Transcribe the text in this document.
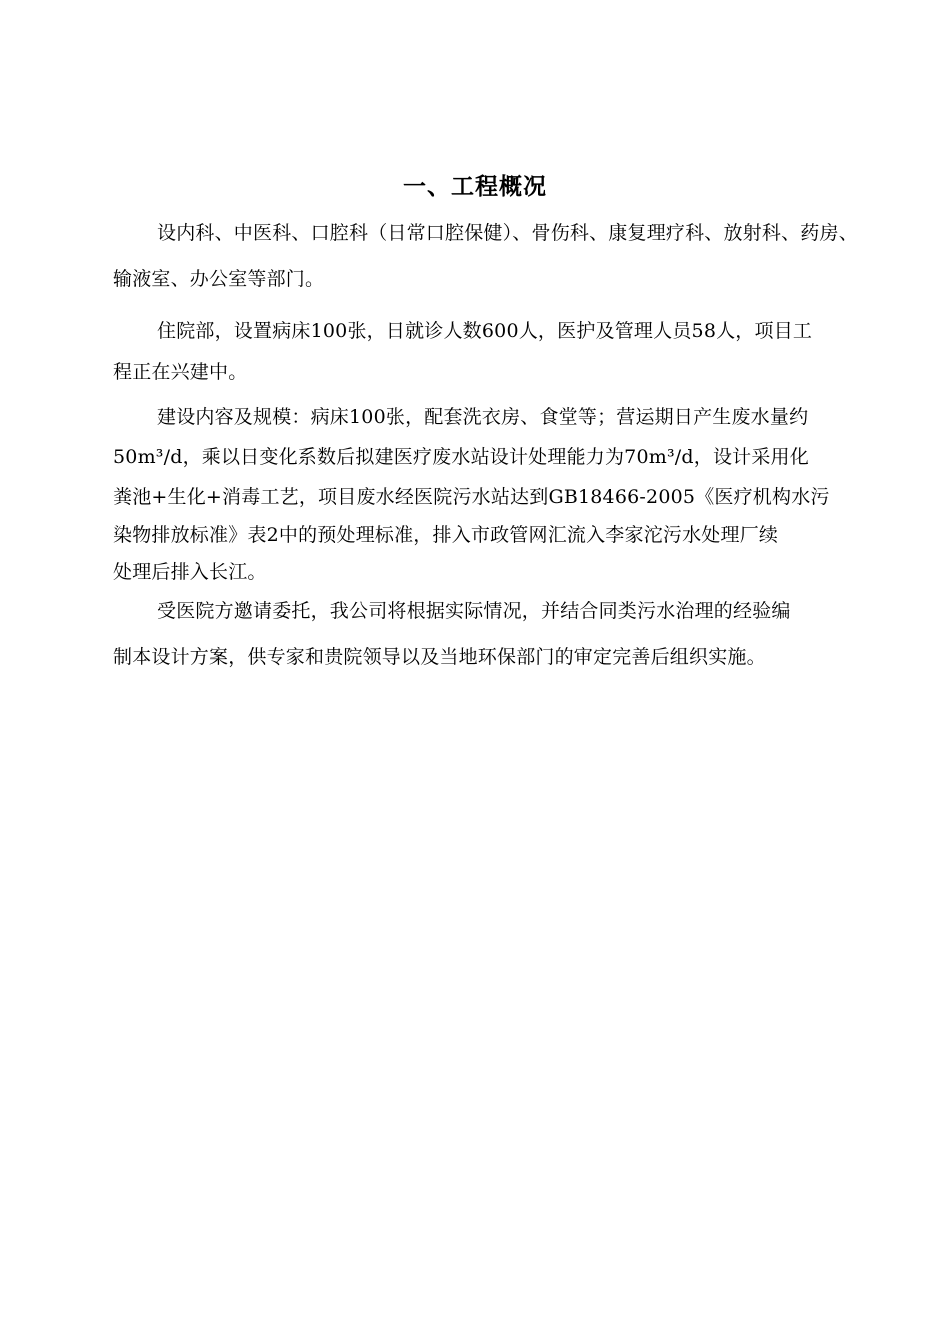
一、工程概况
设内科、中医科、口腔科（日常口腔保健）、骨伤科、康复理疗科、放射科、药房、
输液室、办公室等部门。
住院部，设置病床100张，日就诊人数600人，医护及管理人员58人，项目工
程正在兴建中。
建设内容及规模：病床100张，配套洗衣房、食堂等；营运期日产生废水量约
50m³/d，乘以日变化系数后拟建医疗废水站设计处理能力为70m³/d，设计采用化
粪池+生化+消毒工艺，项目废水经医院污水站达到GB18466-2005《医疗机构水污
染物排放标准》表2中的预处理标准，排入市政管网汇流入李家沱污水处理厂续
处理后排入长江。
受医院方邀请委托，我公司将根据实际情况，并结合同类污水治理的经验编
制本设计方案，供专家和贵院领导以及当地环保部门的审定完善后组织实施。
